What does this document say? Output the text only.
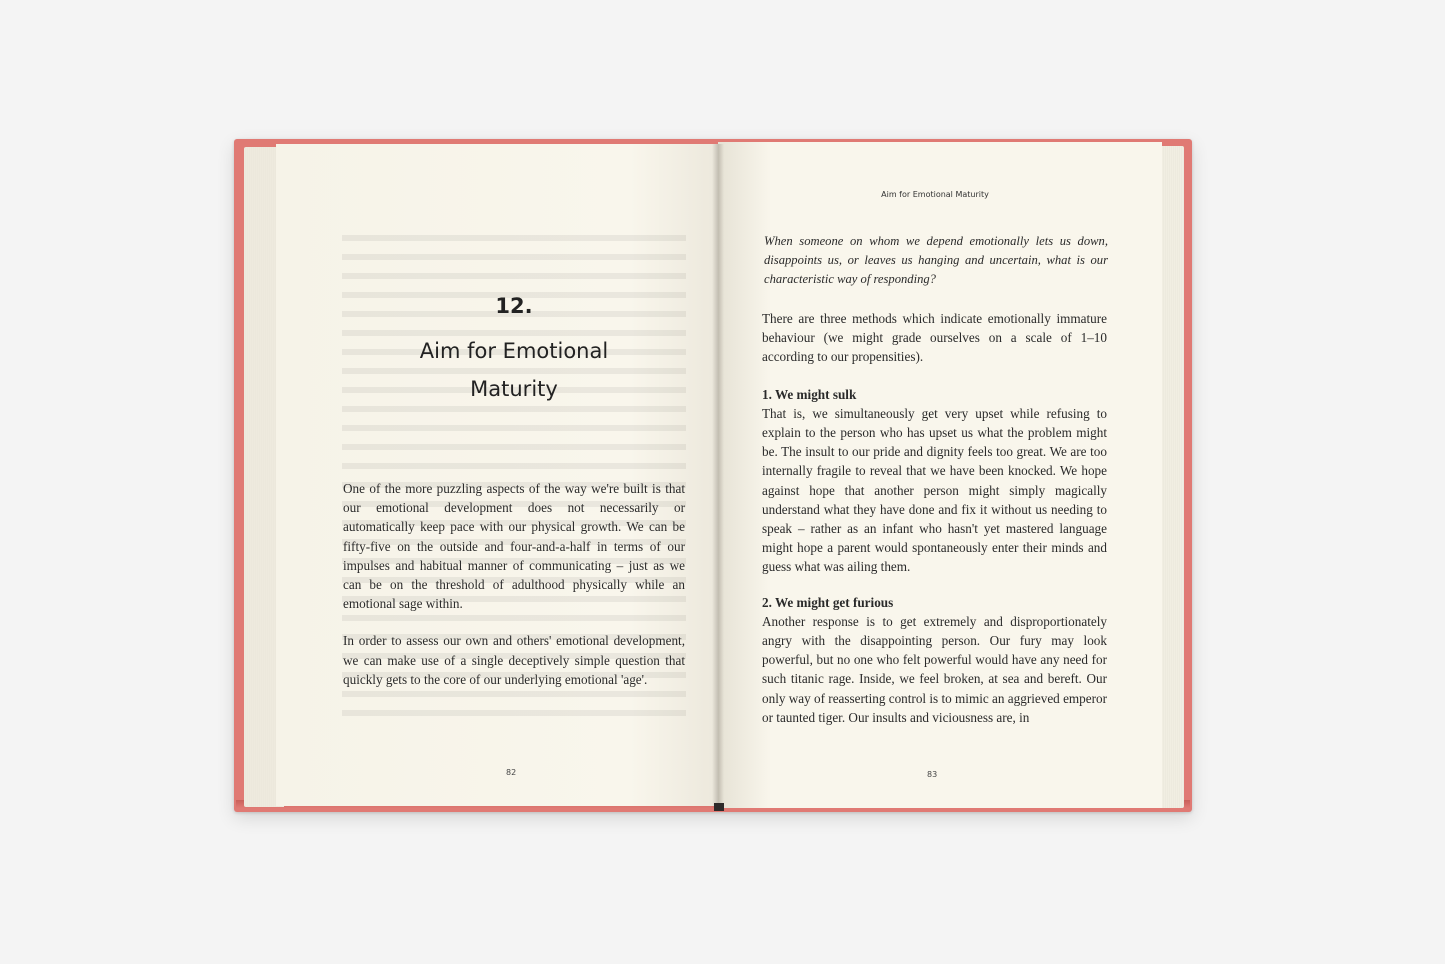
12.
Aim for Emotional Maturity

One of the more puzzling aspects of the way we're built is that our emotional development does not necessarily or automatically keep pace with our physical growth. We can be fifty-five on the outside and four-and-a-half in terms of our impulses and habitual manner of communicating – just as we can be on the threshold of adulthood physically while an emotional sage within.

In order to assess our own and others' emotional development, we can make use of a single deceptively simple question that quickly gets to the core of our underlying emotional 'age'.

82
Aim for Emotional Maturity
When someone on whom we depend emotionally lets us down, disappoints us, or leaves us hanging and uncertain, what is our characteristic way of responding?

There are three methods which indicate emotionally immature behaviour (we might grade ourselves on a scale of 1–10 according to our propensities).

1. We might sulk

That is, we simultaneously get very upset while refusing to explain to the person who has upset us what the problem might be. The insult to our pride and dignity feels too great. We are too internally fragile to reveal that we have been knocked. We hope against hope that another person might simply magically understand what they have done and fix it without us needing to speak – rather as an infant who hasn't yet mastered language might hope a parent would spontaneously enter their minds and guess what was ailing them.

2. We might get furious

Another response is to get extremely and disproportionately angry with the disappointing person. Our fury may look powerful, but no one who felt powerful would have any need for such titanic rage. Inside, we feel broken, at sea and bereft. Our only way of reasserting control is to mimic an aggrieved emperor or taunted tiger. Our insults and viciousness are, in

83
